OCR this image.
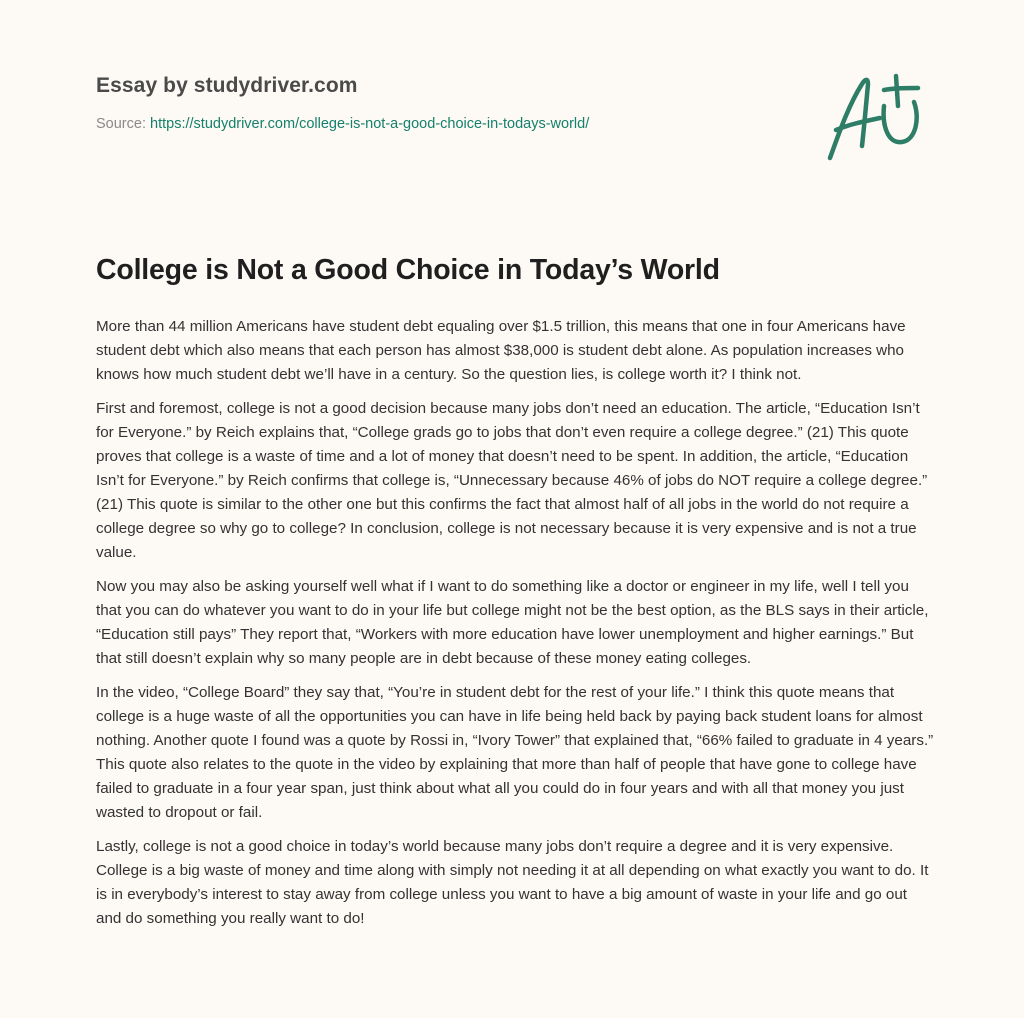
Essay by studydriver.com
Source: https://studydriver.com/college-is-not-a-good-choice-in-todays-world/
College is Not a Good Choice in Today’s World

More than 44 million Americans have student debt equaling over $1.5 trillion, this means that one in four Americans have student debt which also means that each person has almost $38,000 is student debt alone. As population increases who knows how much student debt we’ll have in a century. So the question lies, is college worth it? I think not.

First and foremost, college is not a good decision because many jobs don’t need an education. The article, “Education Isn’t for Everyone.” by Reich explains that, “College grads go to jobs that don’t even require a college degree.” (21) This quote proves that college is a waste of time and a lot of money that doesn’t need to be spent. In addition, the article, “Education Isn’t for Everyone.” by Reich confirms that college is, “Unnecessary because 46% of jobs do NOT require a college degree.” (21) This quote is similar to the other one but this confirms the fact that almost half of all jobs in the world do not require a college degree so why go to college? In conclusion, college is not necessary because it is very expensive and is not a true value.

Now you may also be asking yourself well what if I want to do something like a doctor or engineer in my life, well I tell you that you can do whatever you want to do in your life but college might not be the best option, as the BLS says in their article, “Education still pays” They report that, “Workers with more education have lower unemployment and higher earnings.” But that still doesn’t explain why so many people are in debt because of these money eating colleges.

In the video, “College Board” they say that, “You’re in student debt for the rest of your life.” I think this quote means that college is a huge waste of all the opportunities you can have in life being held back by paying back student loans for almost nothing. Another quote I found was a quote by Rossi in, “Ivory Tower” that explained that, “66% failed to graduate in 4 years.” This quote also relates to the quote in the video by explaining that more than half of people that have gone to college have failed to graduate in a four year span, just think about what all you could do in four years and with all that money you just wasted to dropout or fail.

Lastly, college is not a good choice in today’s world because many jobs don’t require a degree and it is very expensive. College is a big waste of money and time along with simply not needing it at all depending on what exactly you want to do. It is in everybody’s interest to stay away from college unless you want to have a big amount of waste in your life and go out and do something you really want to do!
